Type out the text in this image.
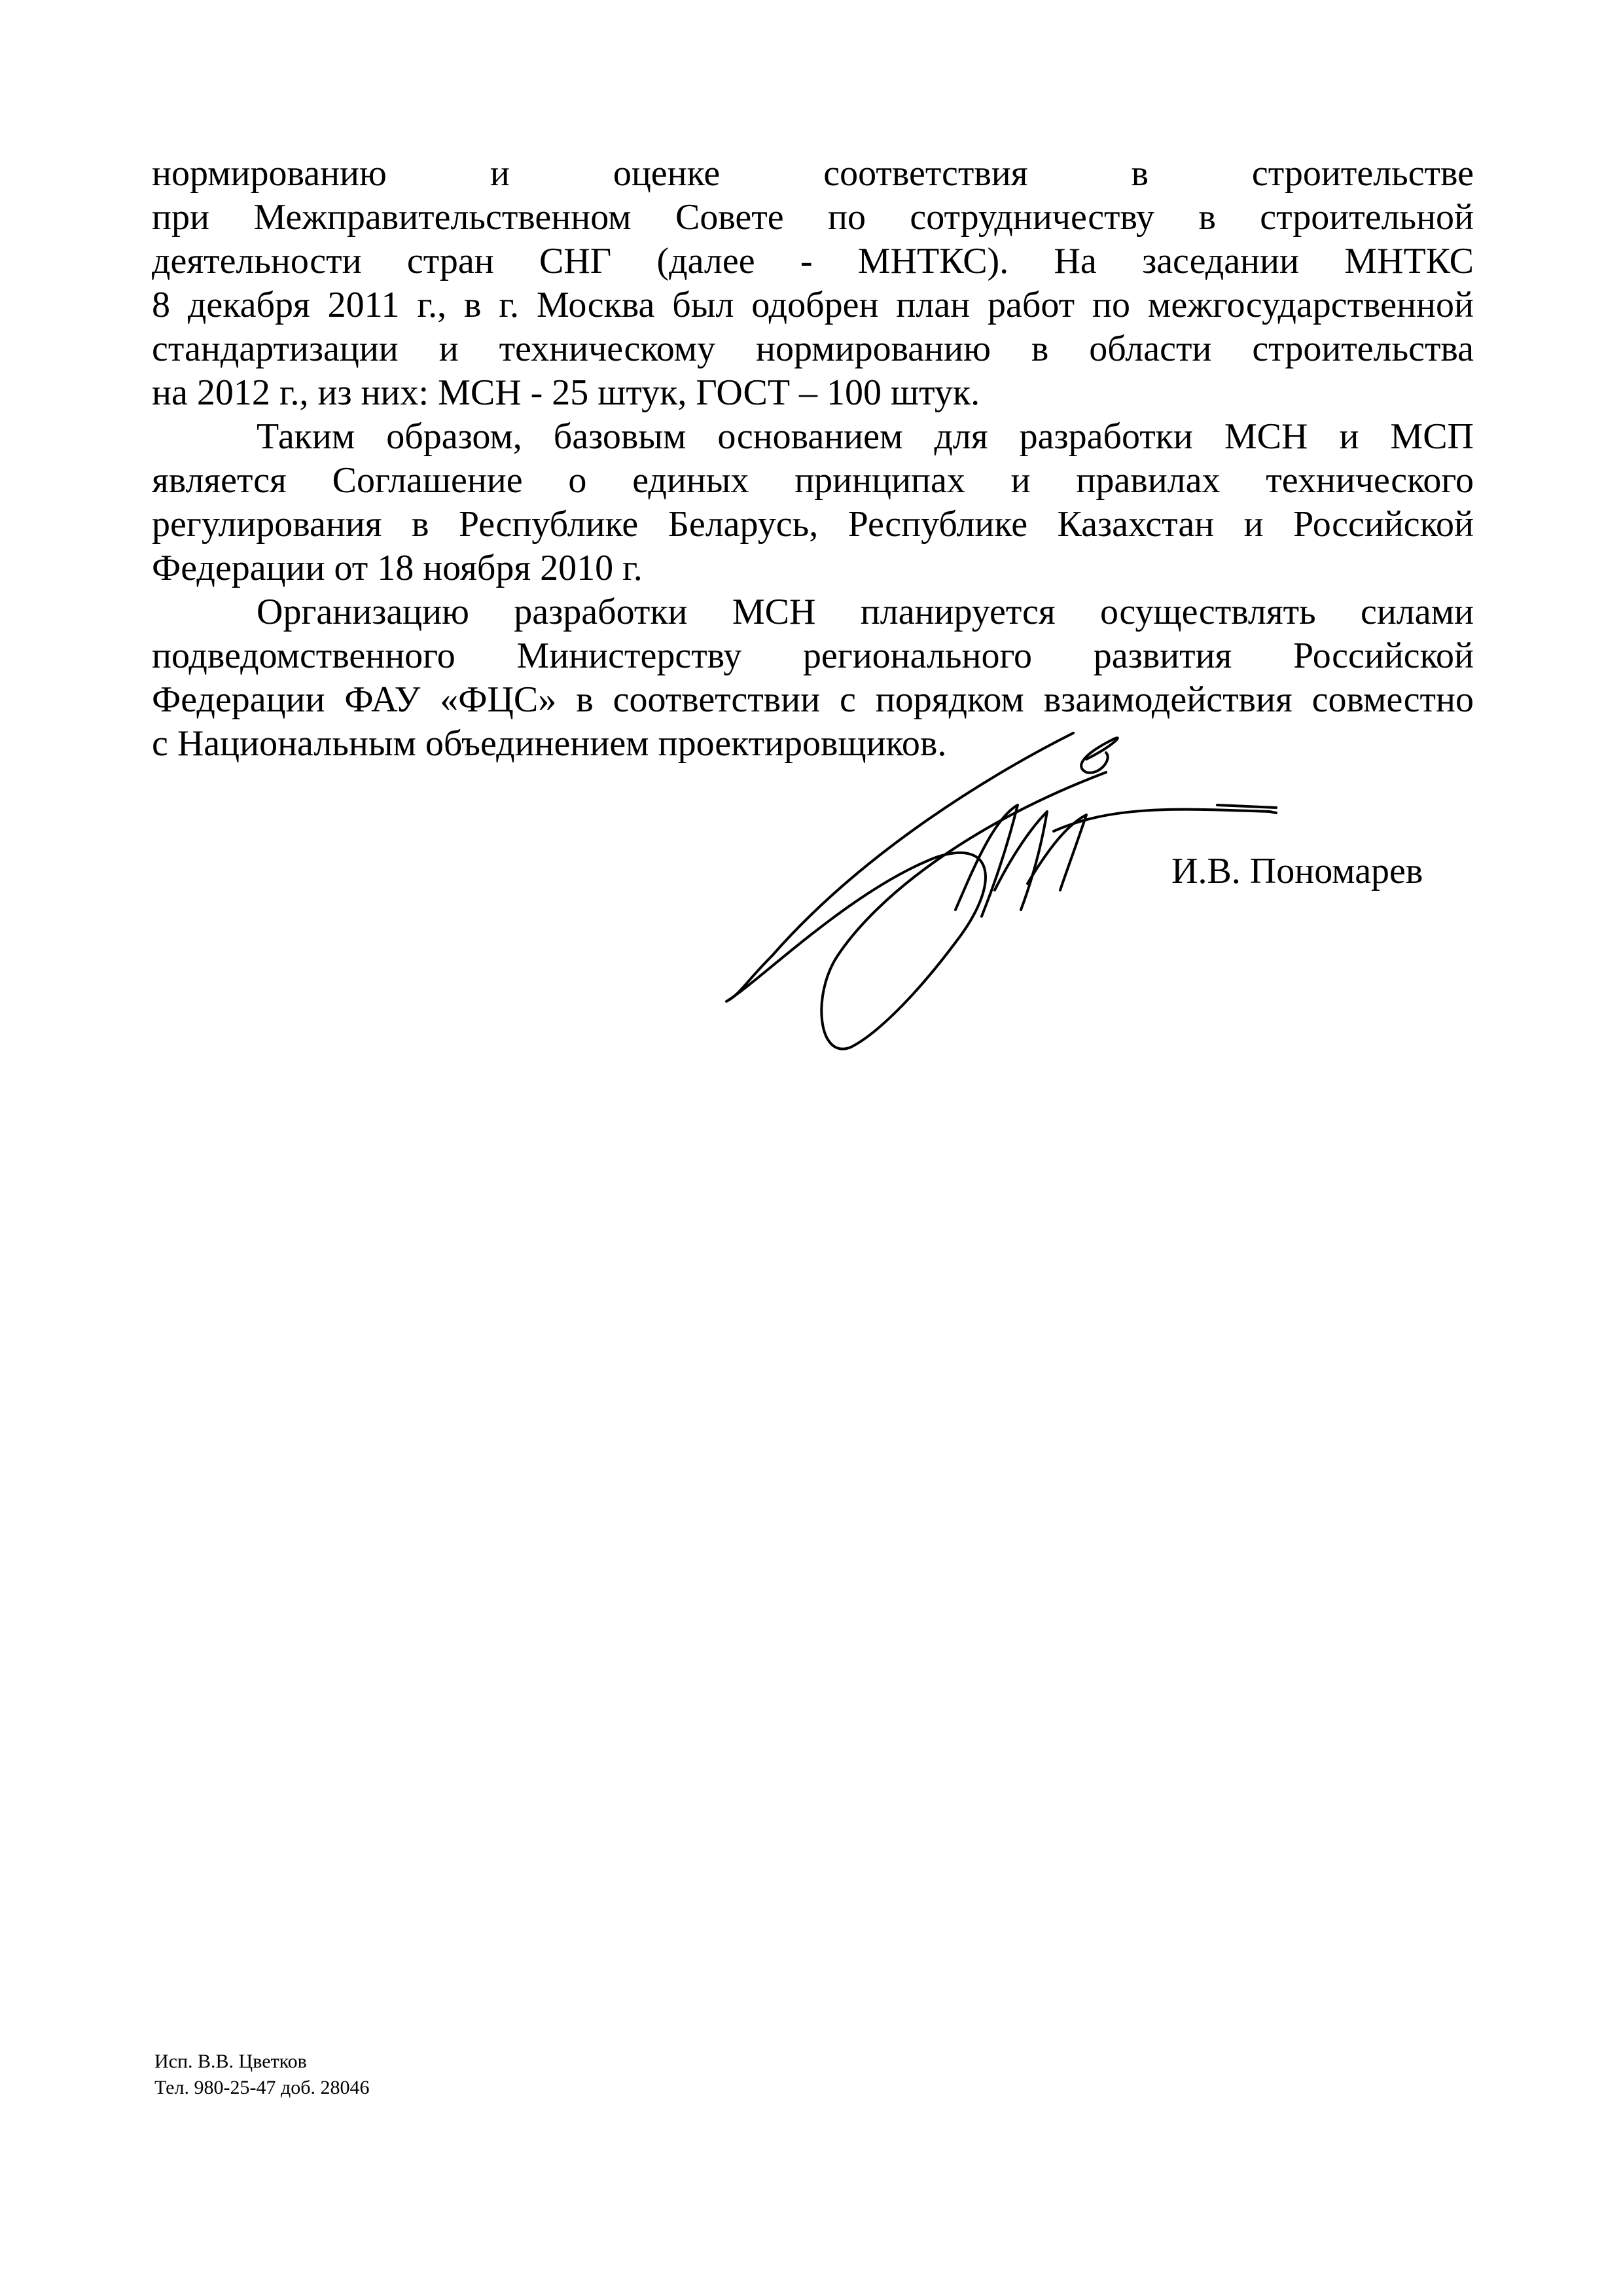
нормированию и оценке соответствия в строительстве
при Межправительственном Совете по сотрудничеству в строительной
деятельности стран СНГ (далее - МНТКС). На заседании МНТКС
8 декабря 2011 г., в г. Москва был одобрен план работ по межгосударственной
стандартизации и техническому нормированию в области строительства
на 2012 г., из них: МСН - 25 штук, ГОСТ – 100 штук.
Таким образом, базовым основанием для разработки МСН и МСП
является Соглашение о единых принципах и правилах технического
регулирования в Республике Беларусь, Республике Казахстан и Российской
Федерации от 18 ноября 2010 г.
Организацию разработки МСН планируется осуществлять силами
подведомственного Министерству регионального развития Российской
Федерации ФАУ «ФЦС» в соответствии с порядком взаимодействия совместно
с Национальным объединением проектировщиков.
И.В. Пономарев
Исп. В.В. Цветков
Тел. 980-25-47 доб. 28046
